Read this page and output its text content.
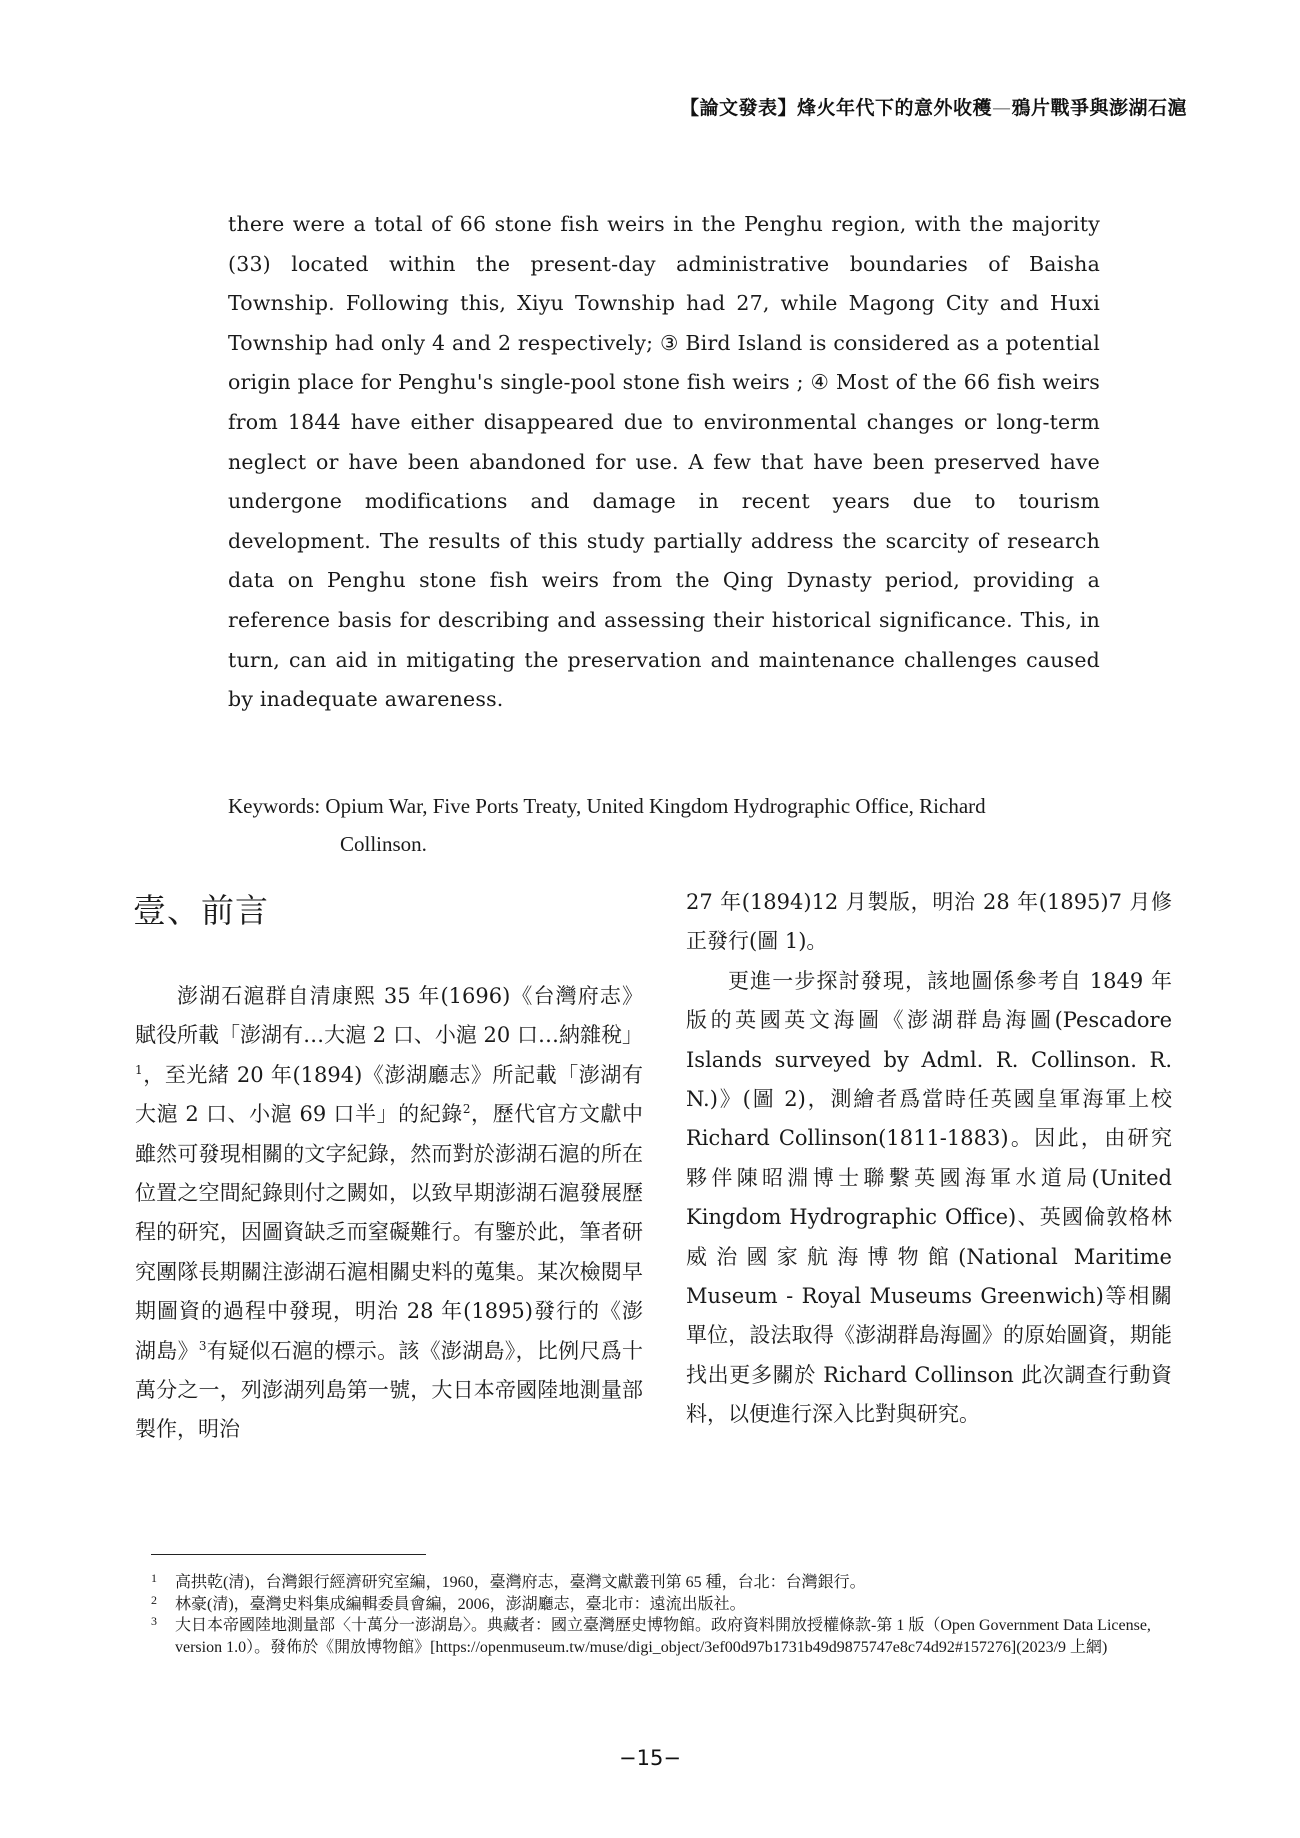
【論文發表】烽火年代下的意外收穫—鴉片戰爭與澎湖石滬

there were a total of 66 stone fish weirs in the Penghu region, with the majority (33) located within the present-day administrative boundaries of Baisha Township. Following this, Xiyu Township had 27, while Magong City and Huxi Township had only 4 and 2 respectively; ③ Bird Island is considered as a potential origin place for Penghu's single-pool stone fish weirs ; ④ Most of the 66 fish weirs from 1844 have either disappeared due to environmental changes or long-term neglect or have been abandoned for use. A few that have been preserved have undergone modifications and damage in recent years due to tourism development. The results of this study partially address the scarcity of research data on Penghu stone fish weirs from the Qing Dynasty period, providing a reference basis for describing and assessing their historical significance. This, in turn, can aid in mitigating the preservation and maintenance challenges caused by inadequate awareness.

Keywords: Opium War, Five Ports Treaty, United Kingdom Hydrographic Office, Richard
Collinson.
壹、前言

澎湖石滬群自清康熙 35 年(1696)《台灣府志》賦役所載「澎湖有…大滬 2 口、小滬 20 口…納雜稅」$^1$，至光緒 20 年(1894)《澎湖廳志》所記載「澎湖有大滬 2 口、小滬 69 口半」的紀錄$^2$，歷代官方文獻中雖然可發現相關的文字紀錄，然而對於澎湖石滬的所在位置之空間紀錄則付之闕如，以致早期澎湖石滬發展歷程的研究，因圖資缺乏而窒礙難行。有鑒於此，筆者研究團隊長期關注澎湖石滬相關史料的蒐集。某次檢閱早期圖資的過程中發現，明治 28 年(1895)發行的《澎湖島》$^3$有疑似石滬的標示。該《澎湖島》，比例尺爲十萬分之一，列澎湖列島第一號，大日本帝國陸地測量部製作，明治

27 年(1894)12 月製版，明治 28 年(1895)7 月修正發行(圖 1)。

更進一步探討發現，該地圖係參考自 1849 年版的英國英文海圖《澎湖群島海圖(Pescadore Islands surveyed by Adml. R. Collinson. R. N.)》(圖 2)，測繪者爲當時任英國皇軍海軍上校 Richard Collinson(1811-1883)。因此，由研究夥伴陳昭淵博士聯繫英國海軍水道局(United Kingdom Hydrographic Office)、英國倫敦格林威治國家航海博物館(National Maritime Museum - Royal Museums Greenwich)等相關單位，設法取得《澎湖群島海圖》的原始圖資，期能找出更多關於 Richard Collinson 此次調查行動資料，以便進行深入比對與研究。

1 高拱乾(清)，台灣銀行經濟研究室編，1960，臺灣府志，臺灣文獻叢刊第 65 種，台北：台灣銀行。

2 林豪(清)，臺灣史料集成編輯委員會編，2006，澎湖廳志，臺北市：遠流出版社。

3 大日本帝國陸地測量部〈十萬分一澎湖島〉。典藏者：國立臺灣歷史博物館。政府資料開放授權條款-第 1 版（Open Government Data License, version 1.0）。發佈於《開放博物館》[https://openmuseum.tw/muse/digi_object/3ef00d97b1731b49d9875747e8c74d92#157276](2023/9 上網)

−15−
